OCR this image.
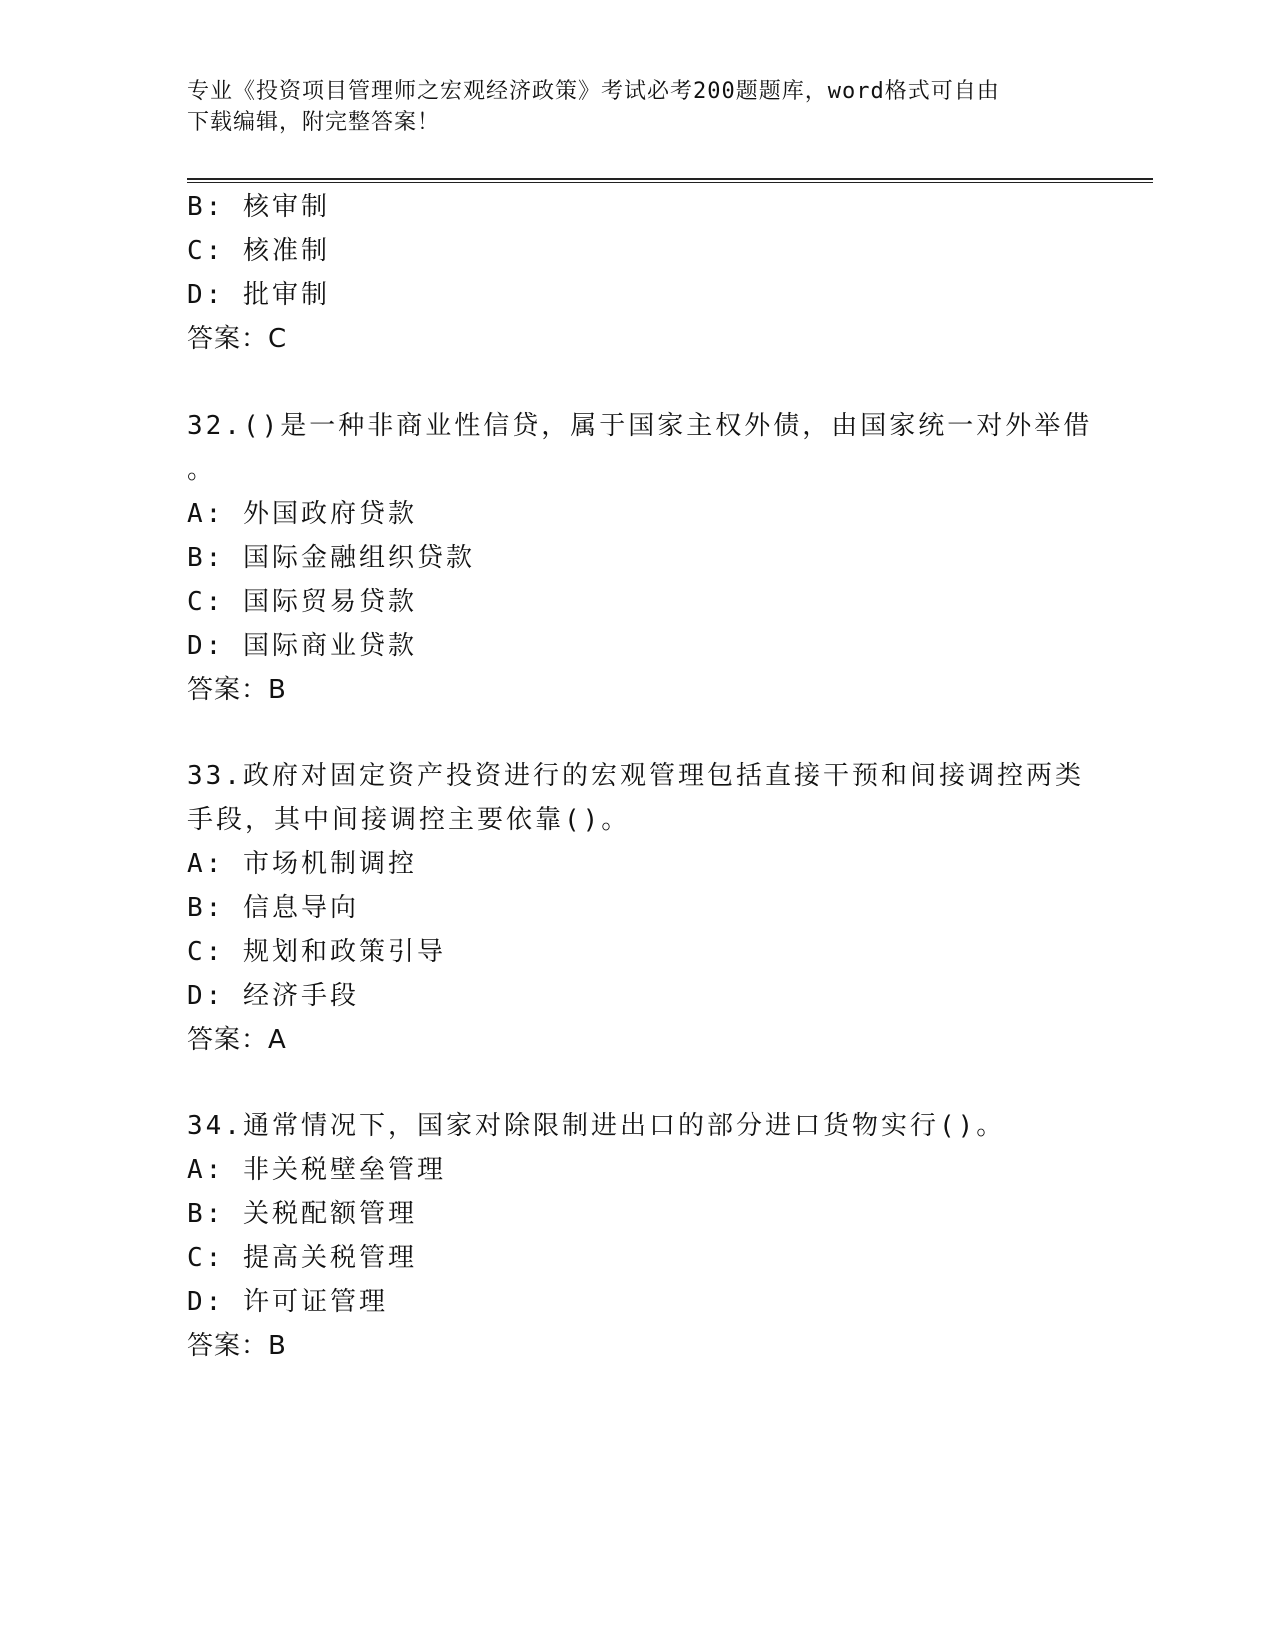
专业《投资项目管理师之宏观经济政策》考试必考200题题库，word格式可自由
下载编辑，附完整答案！
B: 核审制
C: 核准制
D: 批审制
答案：C
32.()是一种非商业性信贷，属于国家主权外债，由国家统一对外举借
。
A: 外国政府贷款
B: 国际金融组织贷款
C: 国际贸易贷款
D: 国际商业贷款
答案：B
33.政府对固定资产投资进行的宏观管理包括直接干预和间接调控两类
手段，其中间接调控主要依靠()。
A: 市场机制调控
B: 信息导向
C: 规划和政策引导
D: 经济手段
答案：A
34.通常情况下，国家对除限制进出口的部分进口货物实行()。
A: 非关税壁垒管理
B: 关税配额管理
C: 提高关税管理
D: 许可证管理
答案：B
